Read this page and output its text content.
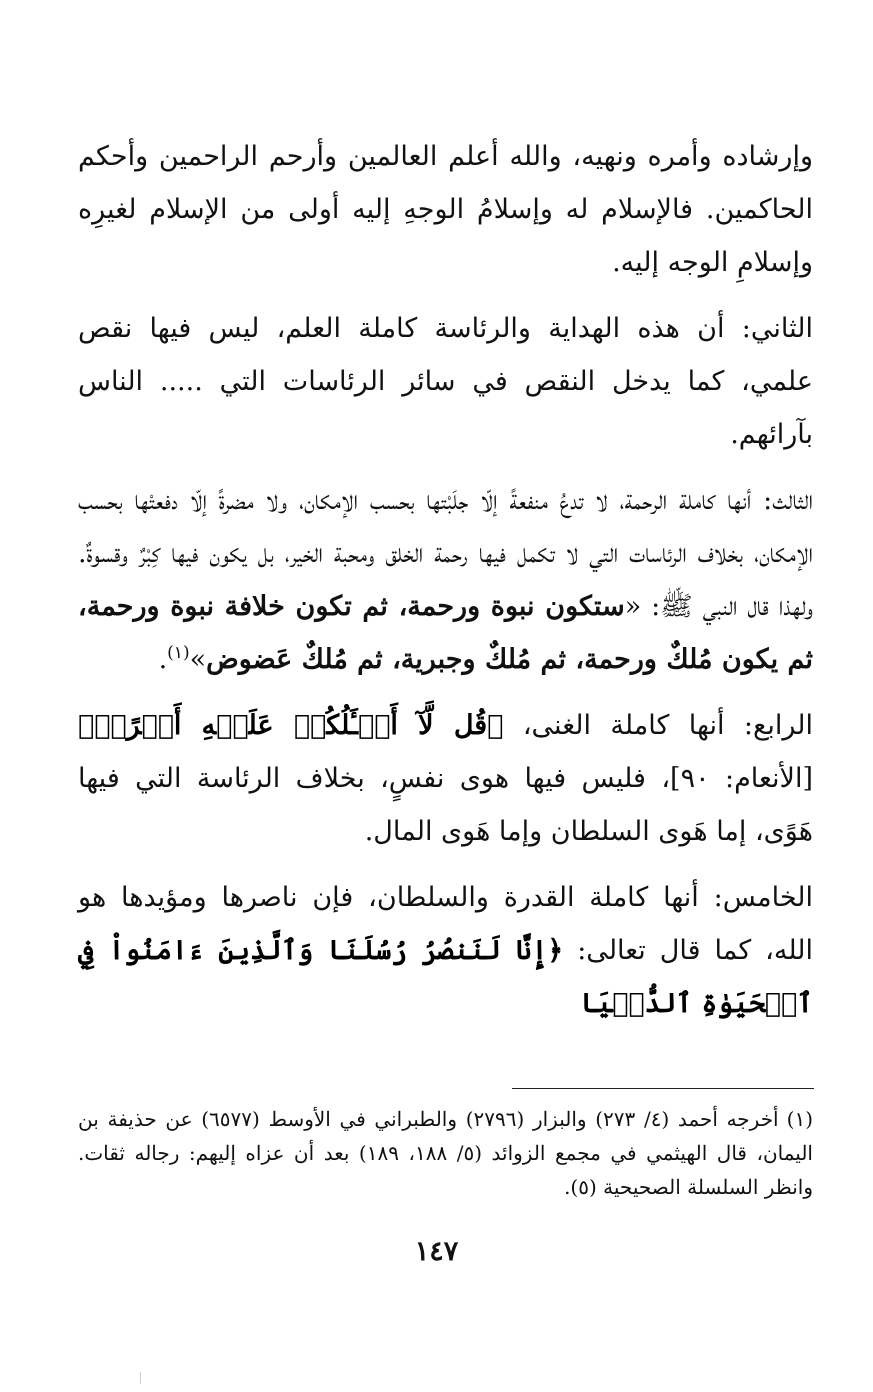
وإرشاده وأمره ونهيه، والله أعلم العالمين وأرحم الراحمين وأحكم الحاكمين. فالإسلام له وإسلامُ الوجهِ إليه أولى من الإسلام لغيرِه وإسلامِ الوجه إليه.

الثاني: أن هذه الهداية والرئاسة كاملة العلم، ليس فيها نقص علمي، كما يدخل النقص في سائر الرئاسات التي ..... الناس بآرائهم.

الثالث: أنها كاملة الرحمة، لا تدعُ منفعةً إلّا جلَبْتها بحسب الإمكان، ولا مضرةً إلّا دفعتْها بحسب الإمكان، بخلاف الرئاسات التي لا تكمل فيها رحمة الخلق ومحبة الخير، بل يكون فيها كِبْرٌ وقسوةٌ. ولهذا قال النبي ﷺ: «ستكون نبوة ورحمة، ثم تكون خلافة نبوة ورحمة، ثم يكون مُلكٌ ورحمة، ثم مُلكٌ وجبرية، ثم مُلكٌ عَضوض»$^{(١)}$.

الرابع: أنها كاملة الغنى، ﴿قُل لَّآ أَسۡـَٔلُكُمۡ عَلَيۡهِ أَجۡرًاۖ﴾ [الأنعام: ٩٠]، فليس فيها هوى نفسٍ، بخلاف الرئاسة التي فيها هَوًى، إما هَوى السلطان وإما هَوى المال.

الخامس: أنها كاملة القدرة والسلطان، فإن ناصرها ومؤيدها هو الله، كما قال تعالى: ﴿إِنَّا لَنَنصُرُ رُسُلَنَا وَٱلَّذِينَ ءَامَنُواْ فِي ٱلۡحَيَوٰةِ ٱلدُّنۡيَا

(١)أخرجه أحمد (٤/ ٢٧٣) والبزار (٢٧٩٦) والطبراني في الأوسط (٦٥٧٧) عن حذيفة بن اليمان، قال الهيثمي في مجمع الزوائد (٥/ ١٨٨، ١٨٩) بعد أن عزاه إليهم: رجاله ثقات. وانظر السلسلة الصحيحية (٥).

١٤٧
